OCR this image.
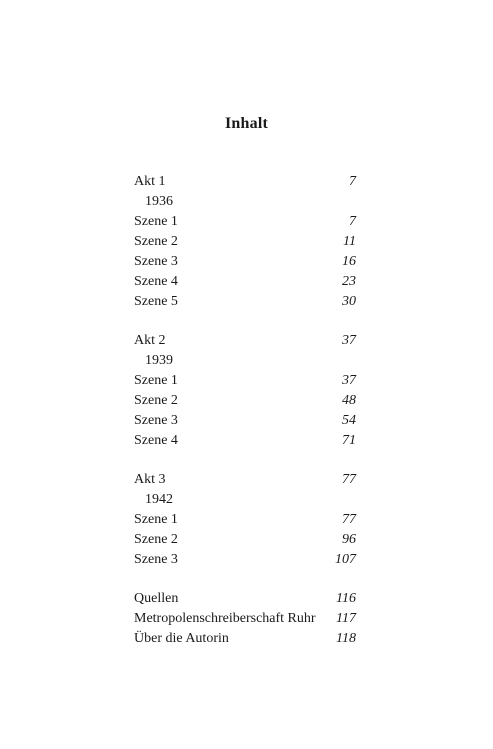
Inhalt
Akt 1	7
1936
Szene 1	7
Szene 2	11
Szene 3	16
Szene 4	23
Szene 5	30
Akt 2	37
1939
Szene 1	37
Szene 2	48
Szene 3	54
Szene 4	71
Akt 3	77
1942
Szene 1	77
Szene 2	96
Szene 3	107
Quellen	116
Metropolenschreiberschaft Ruhr 117
Über die Autorin	118
